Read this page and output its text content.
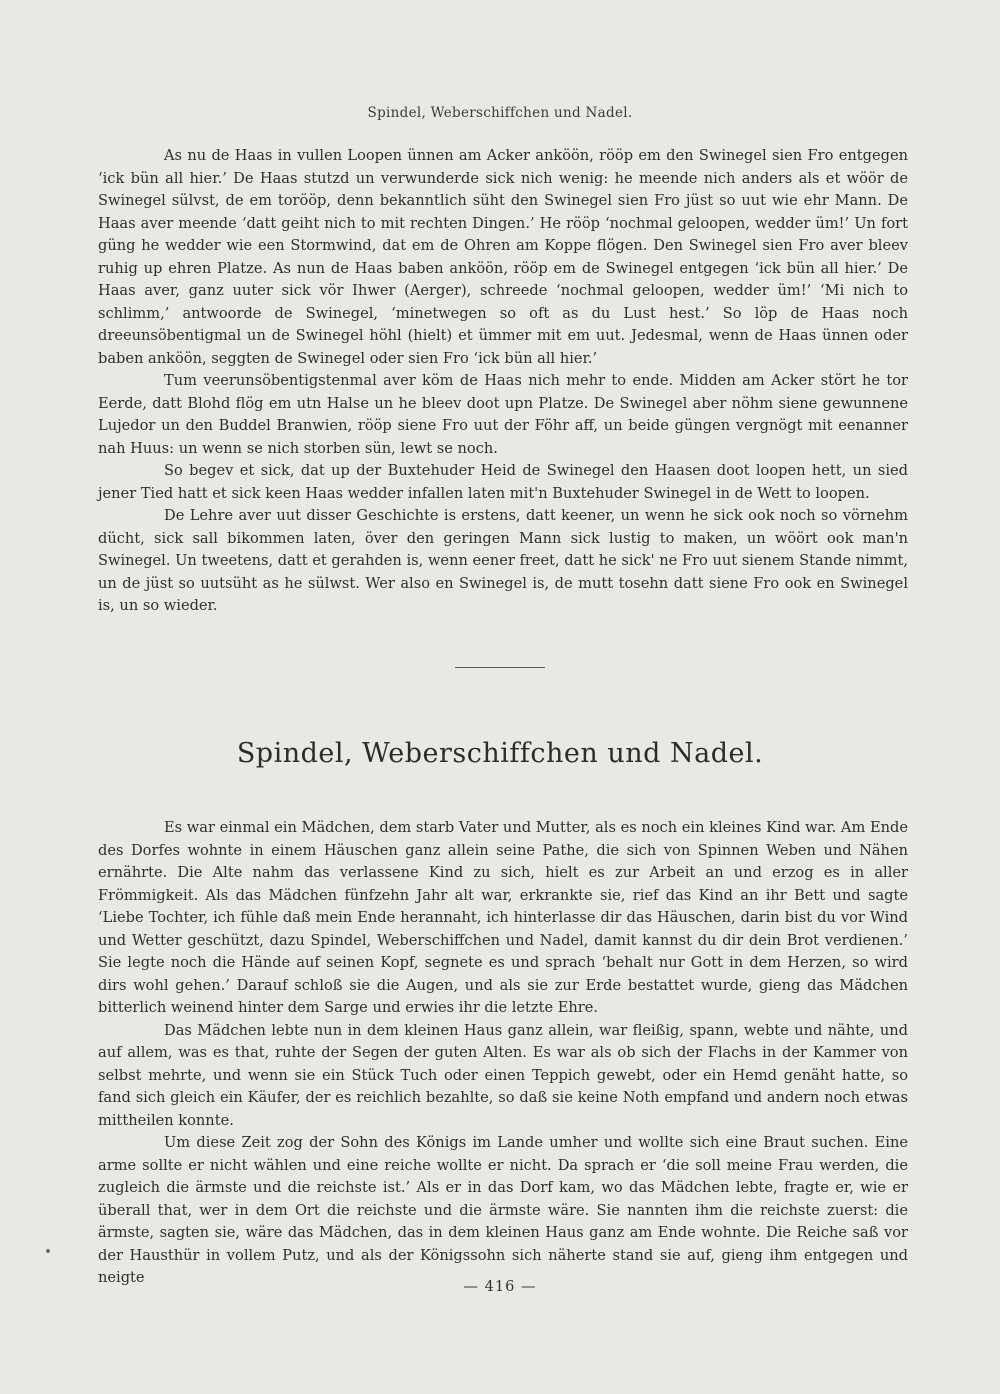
Spindel, Weberschiffchen und Nadel.

As nu de Haas in vullen Loopen ünnen am Acker anköön, rööp em den Swinegel sien Fro entgegen ‘ick bün all hier.’ De Haas stutzd un verwunderde sick nich wenig: he meende nich anders als et wöör de Swinegel sülvst, de em torööp, denn bekanntlich süht den Swinegel sien Fro jüst so uut wie ehr Mann. De Haas aver meende ‘datt geiht nich to mit rechten Dingen.’ He rööp ‘nochmal geloopen, wedder üm!’ Un fort güng he wedder wie een Stormwind, dat em de Ohren am Koppe flögen. Den Swinegel sien Fro aver bleev ruhig up ehren Platze. As nun de Haas baben anköön, rööp em de Swinegel entgegen ‘ick bün all hier.’ De Haas aver, ganz uuter sick vör Ihwer (Aerger), schreede ‘nochmal geloopen, wedder üm!’ ‘Mi nich to schlimm,’ antwoorde de Swinegel, ‘minetwegen so oft as du Lust hest.’ So löp de Haas noch dreeunsöbentigmal un de Swinegel höhl (hielt) et ümmer mit em uut. Jedesmal, wenn de Haas ünnen oder baben anköön, seggten de Swinegel oder sien Fro ‘ick bün all hier.’

Tum veerunsöbentigstenmal aver köm de Haas nich mehr to ende. Midden am Acker stört he tor Eerde, datt Blohd flög em utn Halse un he bleev doot upn Platze. De Swinegel aber nöhm siene gewunnene Lujedor un den Buddel Branwien, rööp siene Fro uut der Föhr aff, un beide güngen vergnögt mit eenanner nah Huus: un wenn se nich storben sün, lewt se noch.

So begev et sick, dat up der Buxtehuder Heid de Swinegel den Haasen doot loopen hett, un sied jener Tied hatt et sick keen Haas wedder infallen laten mit'n Buxtehuder Swinegel in de Wett to loopen.

De Lehre aver uut disser Geschichte is erstens, datt keener, un wenn he sick ook noch so vörnehm dücht, sick sall bikommen laten, över den geringen Mann sick lustig to maken, un wöört ook man'n Swinegel. Un tweetens, datt et gerahden is, wenn eener freet, datt he sick' ne Fro uut sienem Stande nimmt, un de jüst so uutsüht as he sülwst. Wer also en Swinegel is, de mutt tosehn datt siene Fro ook en Swinegel is, un so wieder.

Spindel, Weberschiffchen und Nadel.

Es war einmal ein Mädchen, dem starb Vater und Mutter, als es noch ein kleines Kind war. Am Ende des Dorfes wohnte in einem Häuschen ganz allein seine Pathe, die sich von Spinnen Weben und Nähen ernährte. Die Alte nahm das verlassene Kind zu sich, hielt es zur Arbeit an und erzog es in aller Frömmigkeit. Als das Mädchen fünfzehn Jahr alt war, erkrankte sie, rief das Kind an ihr Bett und sagte ‘Liebe Tochter, ich fühle daß mein Ende herannaht, ich hinterlasse dir das Häuschen, darin bist du vor Wind und Wetter geschützt, dazu Spindel, Weberschiffchen und Nadel, damit kannst du dir dein Brot verdienen.’ Sie legte noch die Hände auf seinen Kopf, segnete es und sprach ‘behalt nur Gott in dem Herzen, so wird dirs wohl gehen.’ Darauf schloß sie die Augen, und als sie zur Erde bestattet wurde, gieng das Mädchen bitterlich weinend hinter dem Sarge und erwies ihr die letzte Ehre.

Das Mädchen lebte nun in dem kleinen Haus ganz allein, war fleißig, spann, webte und nähte, und auf allem, was es that, ruhte der Segen der guten Alten. Es war als ob sich der Flachs in der Kammer von selbst mehrte, und wenn sie ein Stück Tuch oder einen Teppich gewebt, oder ein Hemd genäht hatte, so fand sich gleich ein Käufer, der es reichlich bezahlte, so daß sie keine Noth empfand und andern noch etwas mittheilen konnte.

Um diese Zeit zog der Sohn des Königs im Lande umher und wollte sich eine Braut suchen. Eine arme sollte er nicht wählen und eine reiche wollte er nicht. Da sprach er ‘die soll meine Frau werden, die zugleich die ärmste und die reichste ist.’ Als er in das Dorf kam, wo das Mädchen lebte, fragte er, wie er überall that, wer in dem Ort die reichste und die ärmste wäre. Sie nannten ihm die reichste zuerst: die ärmste, sagten sie, wäre das Mädchen, das in dem kleinen Haus ganz am Ende wohnte. Die Reiche saß vor der Hausthür in vollem Putz, und als der Königssohn sich näherte stand sie auf, gieng ihm entgegen und neigte

— 416 —
